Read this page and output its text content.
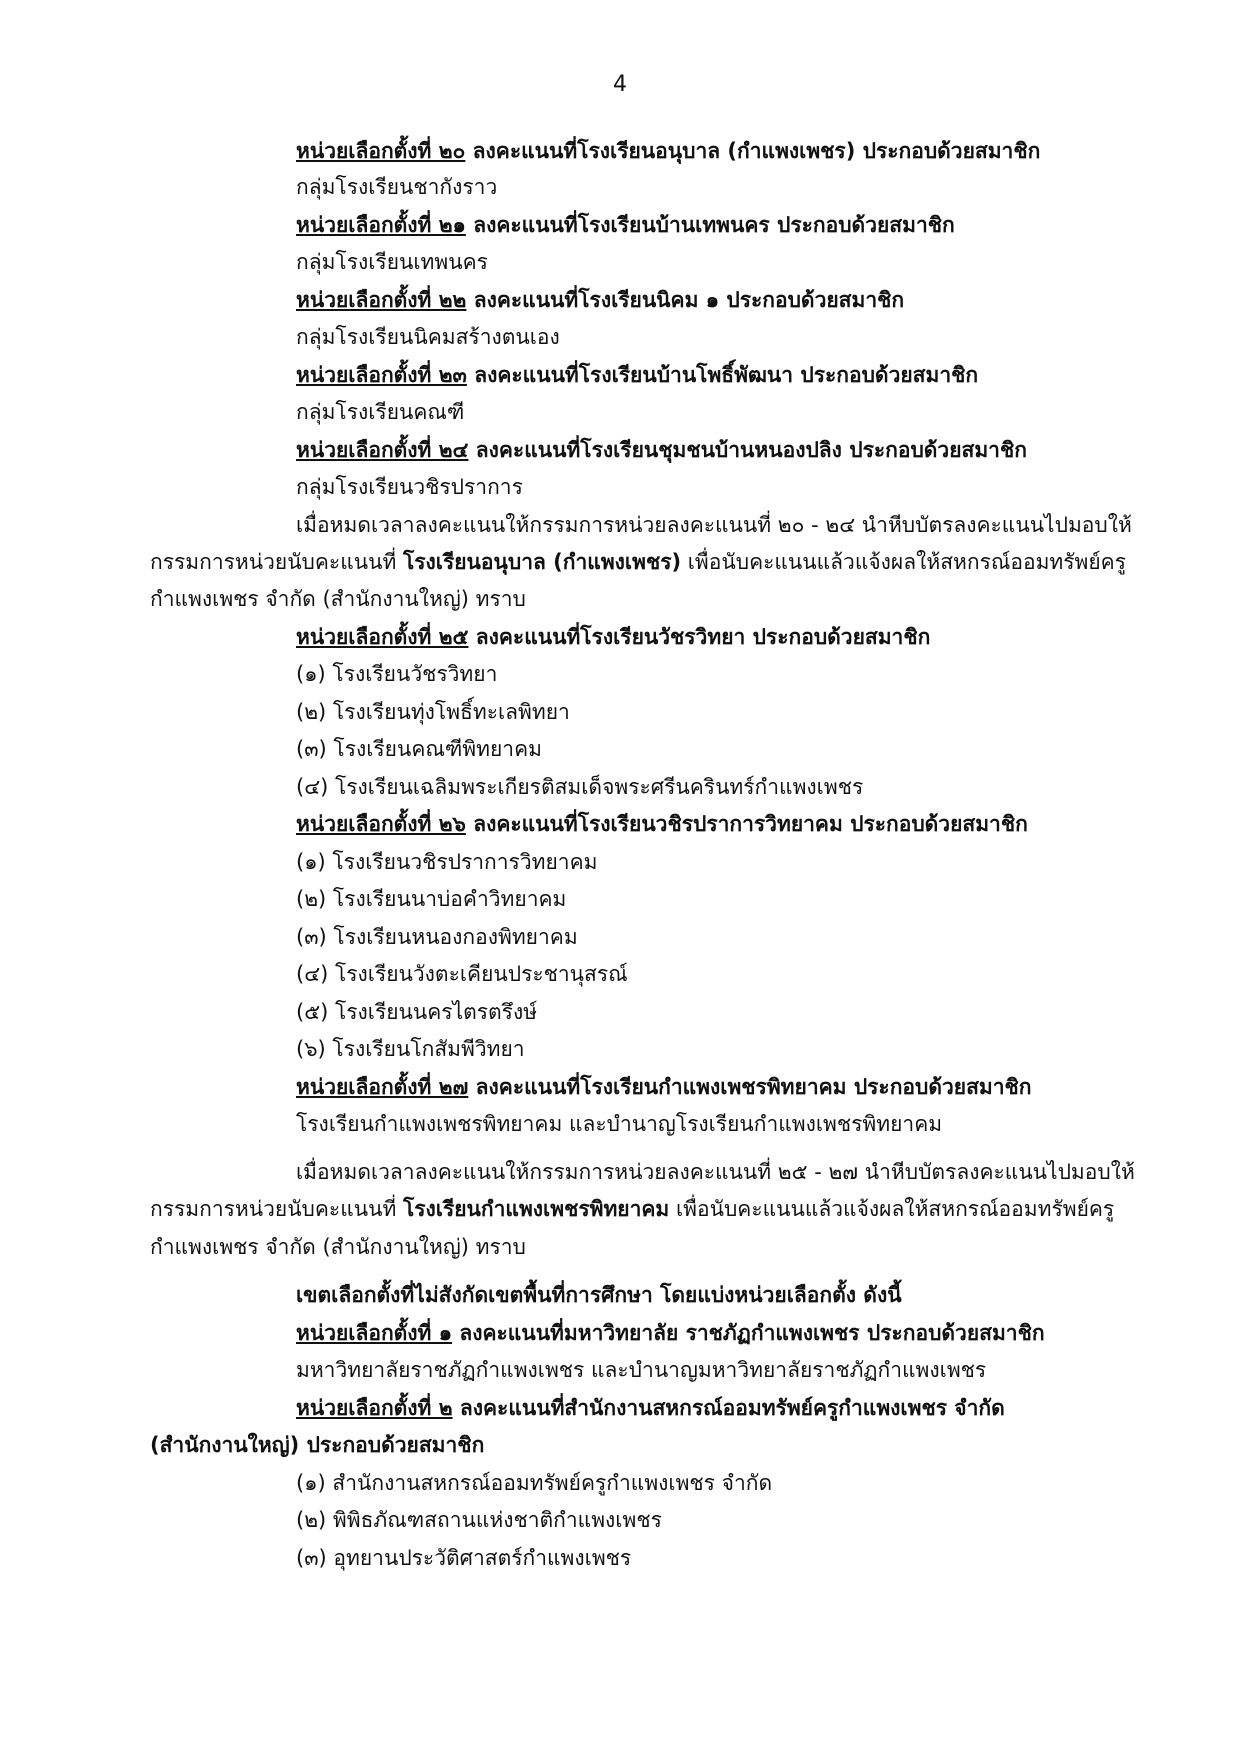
4
หน่วยเลือกตั้งที่ ๒๐ ลงคะแนนที่โรงเรียนอนุบาล (กำแพงเพชร) ประกอบด้วยสมาชิก
กลุ่มโรงเรียนชากังราว
หน่วยเลือกตั้งที่ ๒๑ ลงคะแนนที่โรงเรียนบ้านเทพนคร ประกอบด้วยสมาชิก
กลุ่มโรงเรียนเทพนคร
หน่วยเลือกตั้งที่ ๒๒ ลงคะแนนที่โรงเรียนนิคม ๑ ประกอบด้วยสมาชิก
กลุ่มโรงเรียนนิคมสร้างตนเอง
หน่วยเลือกตั้งที่ ๒๓ ลงคะแนนที่โรงเรียนบ้านโพธิ์พัฒนา ประกอบด้วยสมาชิก
กลุ่มโรงเรียนคณฑี
หน่วยเลือกตั้งที่ ๒๔ ลงคะแนนที่โรงเรียนชุมชนบ้านหนองปลิง ประกอบด้วยสมาชิก
กลุ่มโรงเรียนวชิรปราการ
เมื่อหมดเวลาลงคะแนนให้กรรมการหน่วยลงคะแนนที่ ๒๐ - ๒๔ นำหีบบัตรลงคะแนนไปมอบให้
กรรมการหน่วยนับคะแนนที่ โรงเรียนอนุบาล (กำแพงเพชร) เพื่อนับคะแนนแล้วแจ้งผลให้สหกรณ์ออมทรัพย์ครู
กำแพงเพชร จำกัด (สำนักงานใหญ่) ทราบ
หน่วยเลือกตั้งที่ ๒๕ ลงคะแนนที่โรงเรียนวัชรวิทยา ประกอบด้วยสมาชิก
(๑) โรงเรียนวัชรวิทยา
(๒) โรงเรียนทุ่งโพธิ์ทะเลพิทยา
(๓) โรงเรียนคณฑีพิทยาคม
(๔) โรงเรียนเฉลิมพระเกียรติสมเด็จพระศรีนครินทร์กำแพงเพชร
หน่วยเลือกตั้งที่ ๒๖ ลงคะแนนที่โรงเรียนวชิรปราการวิทยาคม ประกอบด้วยสมาชิก
(๑) โรงเรียนวชิรปราการวิทยาคม
(๒) โรงเรียนนาบ่อคำวิทยาคม
(๓) โรงเรียนหนองกองพิทยาคม
(๔) โรงเรียนวังตะเคียนประชานุสรณ์
(๕) โรงเรียนนครไตรตรึงษ์
(๖) โรงเรียนโกสัมพีวิทยา
หน่วยเลือกตั้งที่ ๒๗ ลงคะแนนที่โรงเรียนกำแพงเพชรพิทยาคม ประกอบด้วยสมาชิก
โรงเรียนกำแพงเพชรพิทยาคม และบำนาญโรงเรียนกำแพงเพชรพิทยาคม
เมื่อหมดเวลาลงคะแนนให้กรรมการหน่วยลงคะแนนที่ ๒๕ - ๒๗ นำหีบบัตรลงคะแนนไปมอบให้
กรรมการหน่วยนับคะแนนที่ โรงเรียนกำแพงเพชรพิทยาคม เพื่อนับคะแนนแล้วแจ้งผลให้สหกรณ์ออมทรัพย์ครู
กำแพงเพชร จำกัด (สำนักงานใหญ่) ทราบ
เขตเลือกตั้งที่ไม่สังกัดเขตพื้นที่การศึกษา โดยแบ่งหน่วยเลือกตั้ง ดังนี้
หน่วยเลือกตั้งที่ ๑ ลงคะแนนที่มหาวิทยาลัย ราชภัฏกำแพงเพชร ประกอบด้วยสมาชิก
มหาวิทยาลัยราชภัฏกำแพงเพชร และบำนาญมหาวิทยาลัยราชภัฏกำแพงเพชร
หน่วยเลือกตั้งที่ ๒ ลงคะแนนที่สำนักงานสหกรณ์ออมทรัพย์ครูกำแพงเพชร จำกัด
(สำนักงานใหญ่) ประกอบด้วยสมาชิก
(๑) สำนักงานสหกรณ์ออมทรัพย์ครูกำแพงเพชร จำกัด
(๒) พิพิธภัณฑสถานแห่งชาติกำแพงเพชร
(๓) อุทยานประวัติศาสตร์กำแพงเพชร
